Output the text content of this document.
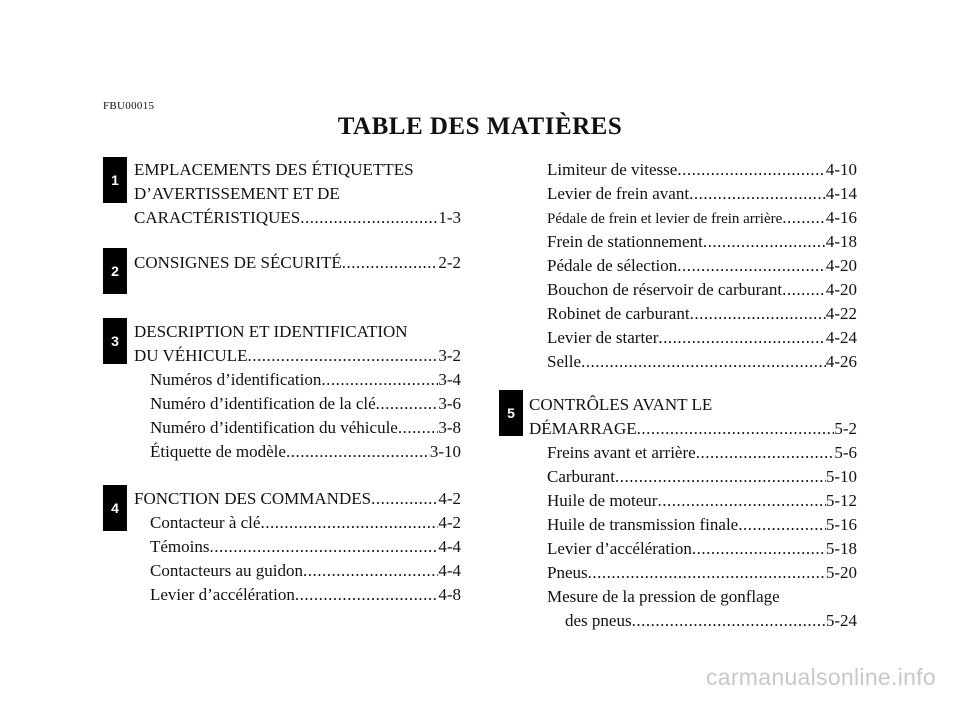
FBU00015
TABLE DES MATIÈRES
1
2
3
4
5
EMPLACEMENTS DES ÉTIQUETTES
D’AVERTISSEMENT ET DE
CARACTÉRISTIQUES .....	1-3
CONSIGNES DE SÉCURITÉ .....	2-2
DESCRIPTION ET IDENTIFICATION
DU VÉHICULE .....	3-2
Numéros d’identification .....	3-4
Numéro d’identification de la clé .....	3-6
Numéro d’identification du véhicule ..... 3-8
Étiquette de modèle .....	3-10
FONCTION DES COMMANDES .....	4-2
Contacteur à clé .....	4-2
Témoins .....	4-4
Contacteurs au guidon .....	4-4
Levier d’accélération .....	4-8
Limiteur de vitesse .....	4-10
Levier de frein avant .....	4-14
Pédale de frein et levier de frein arrière .....	4-16
Frein de stationnement .....	4-18
Pédale de sélection .....	4-20
Bouchon de réservoir de carburant .....	4-20
Robinet de carburant .....	4-22
Levier de starter .....	4-24
Selle .....	4-26
CONTRÔLES AVANT LE
DÉMARRAGE .....	5-2
Freins avant et arrière .....	5-6
Carburant .....	5-10
Huile de moteur .....	5-12
Huile de transmission finale .....	5-16
Levier d’accélération .....	5-18
Pneus .....	5-20
Mesure de la pression de gonflage
des pneus .....	5-24
carmanualsonline.info
